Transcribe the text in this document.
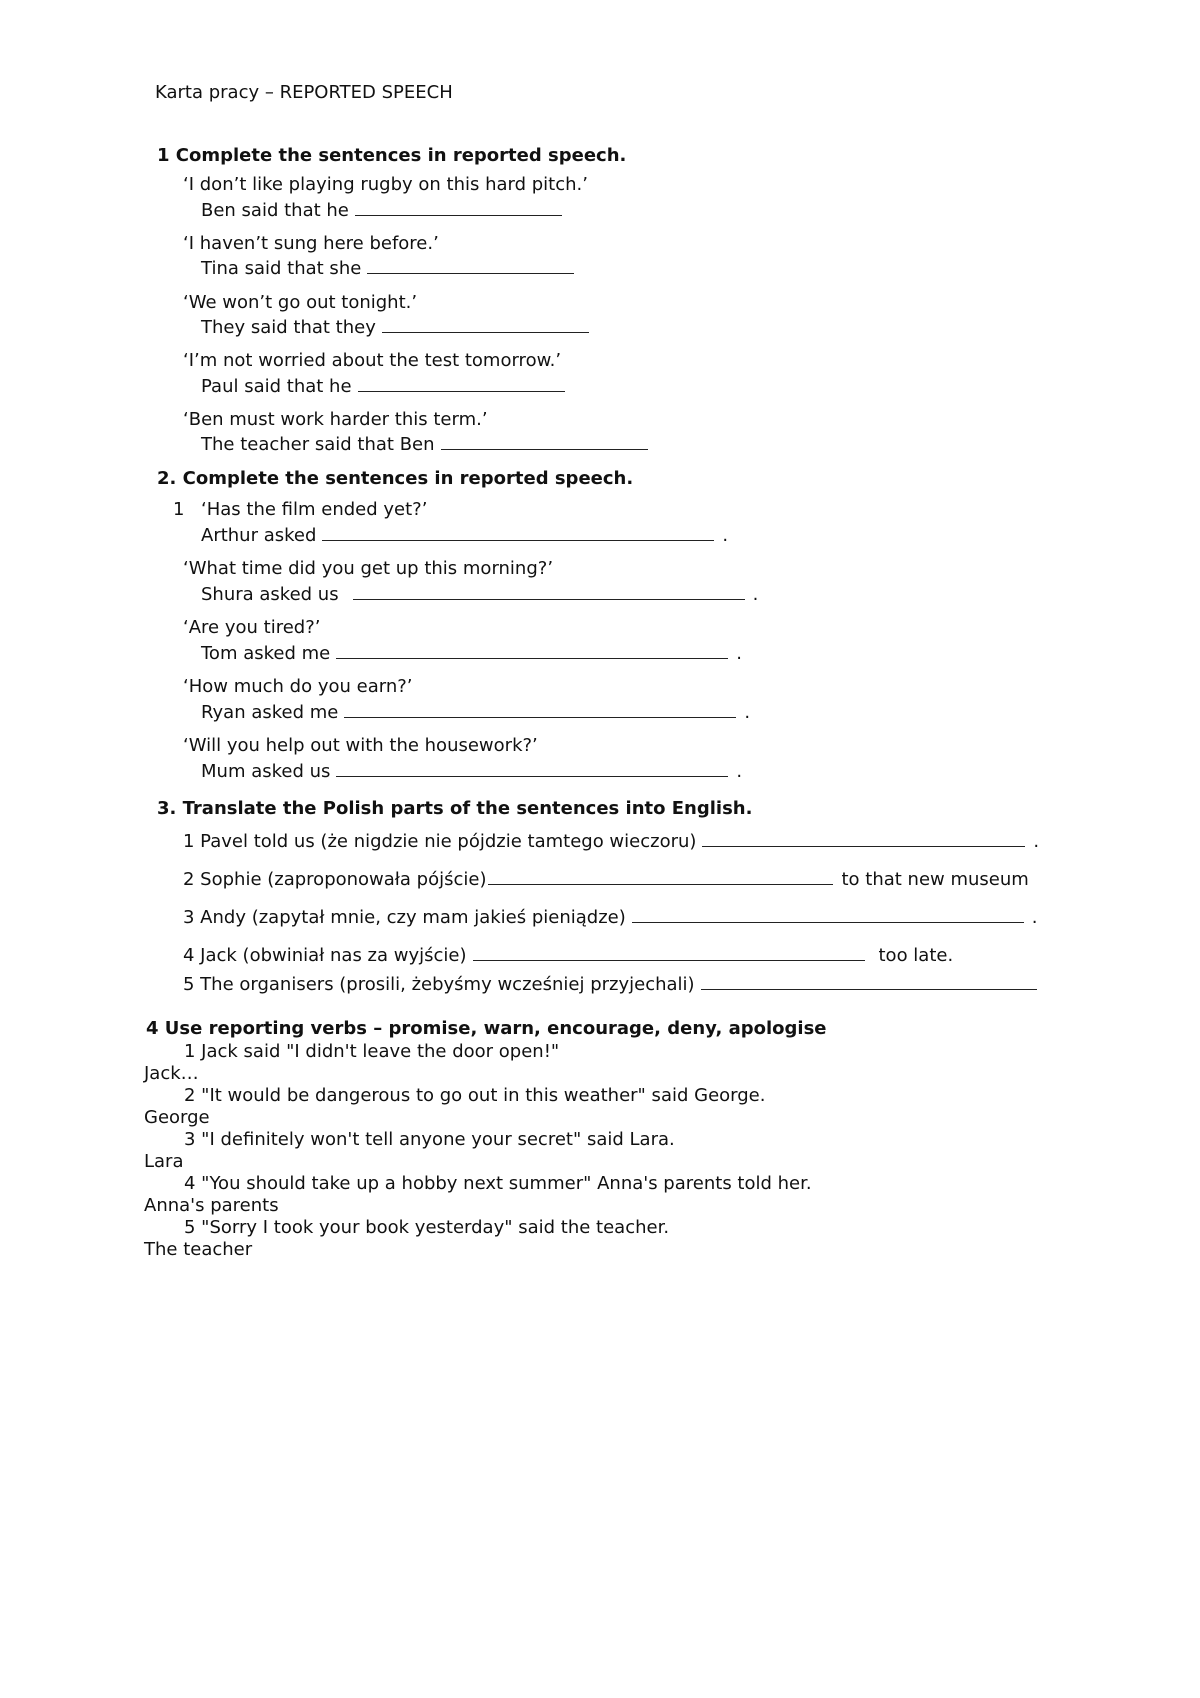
Karta pracy – REPORTED SPEECH
1 Complete the sentences in reported speech.
‘I don’t like playing rugby on this hard pitch.’
Ben said that he
‘I haven’t sung here before.’
Tina said that she
‘We won’t go out tonight.’
They said that they
‘I’m not worried about the test tomorrow.’
Paul said that he
‘Ben must work harder this term.’
The teacher said that Ben
2. Complete the sentences in reported speech.
1 ‘Has the film ended yet?’
Arthur asked	.
‘What time did you get up this morning?’
Shura asked us	.
‘Are you tired?’
Tom asked me	.
‘How much do you earn?’
Ryan asked me	.
‘Will you help out with the housework?’
Mum asked us	.
3. Translate the Polish parts of the sentences into English.
1 Pavel told us (że nigdzie nie pójdzie tamtego wieczoru)	.
2 Sophie (zaproponowała pójście)	to that new museum
3 Andy (zapytał mnie, czy mam jakieś pieniądze)	.
4 Jack (obwiniał nas za wyjście)	too late.
5 The organisers (prosili, żebyśmy wcześniej przyjechali)
4 Use reporting verbs – promise, warn, encourage, deny, apologise
1 Jack said "I didn't leave the door open!"
Jack…
2 "It would be dangerous to go out in this weather" said George.
George
3 "I definitely won't tell anyone your secret" said Lara.
Lara
4 "You should take up a hobby next summer" Anna's parents told her.
Anna's parents
5 "Sorry I took your book yesterday" said the teacher.
The teacher
